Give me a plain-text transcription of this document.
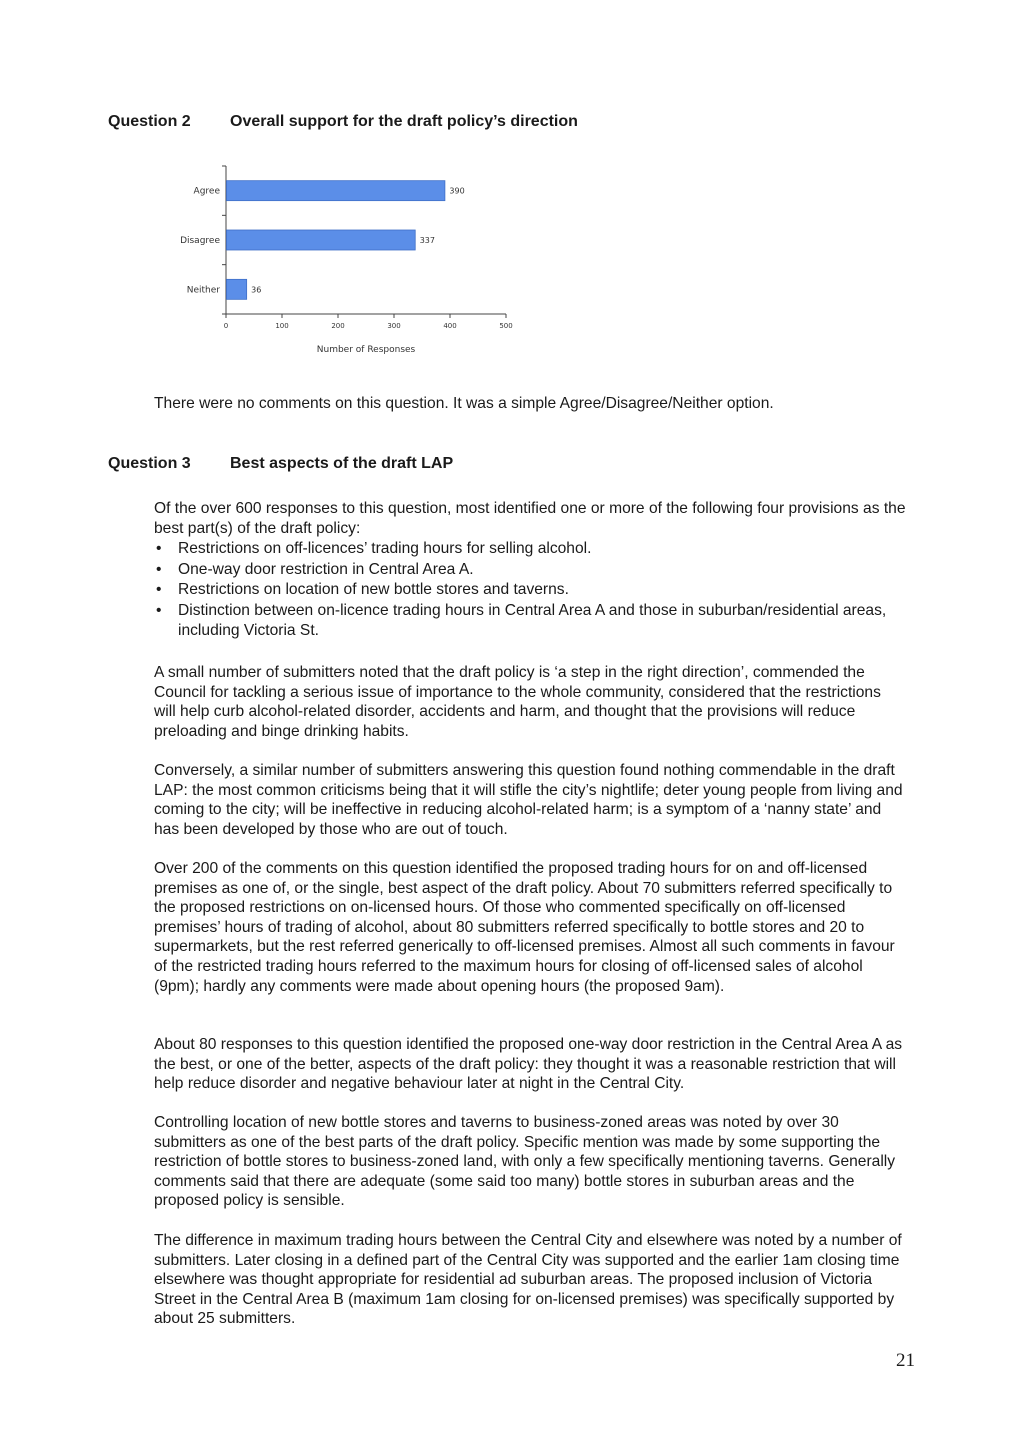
Question 2 Overall support for the draft policy’s direction
Agree	390
Disagree	337
Neither	36
0	100	200	300	400	500
Number of Responses

There were no comments on this question. It was a simple Agree/Disagree/Neither option.

Question 3 Best aspects of the draft LAP

Of the over 600 responses to this question, most identified one or more of the following four provisions as the best part(s) of the draft policy:

• Restrictions on off-licences’ trading hours for selling alcohol.
• One-way door restriction in Central Area A.
• Restrictions on location of new bottle stores and taverns.
• Distinction between on-licence trading hours in Central Area A and those in suburban/residential areas, including Victoria St.

A small number of submitters noted that the draft policy is ‘a step in the right direction’, commended the Council for tackling a serious issue of importance to the whole community, considered that the restrictions will help curb alcohol-related disorder, accidents and harm, and thought that the provisions will reduce preloading and binge drinking habits.

Conversely, a similar number of submitters answering this question found nothing commendable in the draft LAP: the most common criticisms being that it will stifle the city’s nightlife; deter young people from living and coming to the city; will be ineffective in reducing alcohol-related harm; is a symptom of a ‘nanny state’ and has been developed by those who are out of touch.

Over 200 of the comments on this question identified the proposed trading hours for on and off-licensed premises as one of, or the single, best aspect of the draft policy. About 70 submitters referred specifically to the proposed restrictions on on-licensed hours. Of those who commented specifically on off-licensed premises’ hours of trading of alcohol, about 80 submitters referred specifically to bottle stores and 20 to supermarkets, but the rest referred generically to off-licensed premises. Almost all such comments in favour of the restricted trading hours referred to the maximum hours for closing of off-licensed sales of alcohol (9pm); hardly any comments were made about opening hours (the proposed 9am).

About 80 responses to this question identified the proposed one-way door restriction in the Central Area A as the best, or one of the better, aspects of the draft policy: they thought it was a reasonable restriction that will help reduce disorder and negative behaviour later at night in the Central City.

Controlling location of new bottle stores and taverns to business-zoned areas was noted by over 30 submitters as one of the best parts of the draft policy. Specific mention was made by some supporting the restriction of bottle stores to business-zoned land, with only a few specifically mentioning taverns. Generally comments said that there are adequate (some said too many) bottle stores in suburban areas and the proposed policy is sensible.

The difference in maximum trading hours between the Central City and elsewhere was noted by a number of submitters. Later closing in a defined part of the Central City was supported and the earlier 1am closing time elsewhere was thought appropriate for residential ad suburban areas. The proposed inclusion of Victoria Street in the Central Area B (maximum 1am closing for on-licensed premises) was specifically supported by about 25 submitters.

21
